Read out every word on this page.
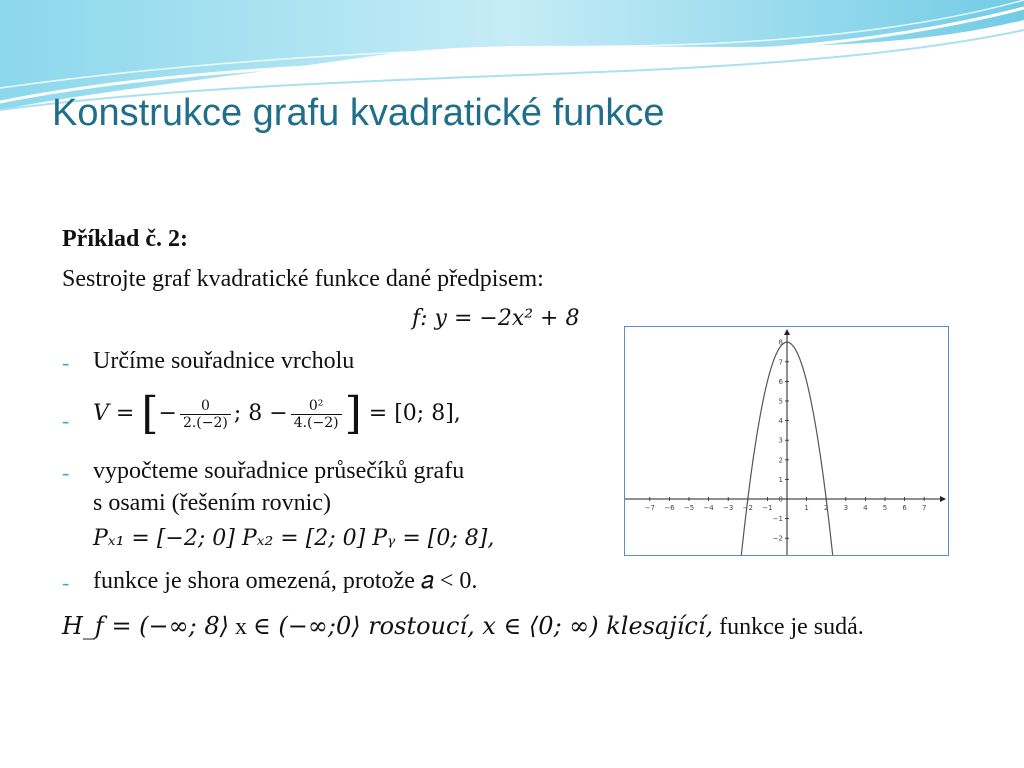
Konstrukce grafu kvadratické funkce
Příklad č. 2:
Sestrojte graf kvadratické funkce dané předpisem:
f: y = −2x² + 8
- Určíme souřadnice vrcholu
- V = [− $\frac{0}{2.(-2)}$ ; $8 - \frac{\text{0²}}{4.(-2)}$ ] = [0; 8],
- vypočteme souřadnice průsečíků grafu
s osami (řešením rovnic)
Pₓ₁ = [−2; 0] Pₓ₂ = [2; 0] Pᵧ = [0; 8],
- funkce je shora omezená, protože 𝑎 < 0.
H_f = (−∞; 8⟩ x ∈ (−∞;0⟩ rostoucí, x ∈ ⟨0; ∞) klesající, funkce je sudá.
−7 −6 −5 −4 −3 −2 −1	1 2 3 4 5 6 7
−2
−1
0
1
2
3
4
5
6
7
8
